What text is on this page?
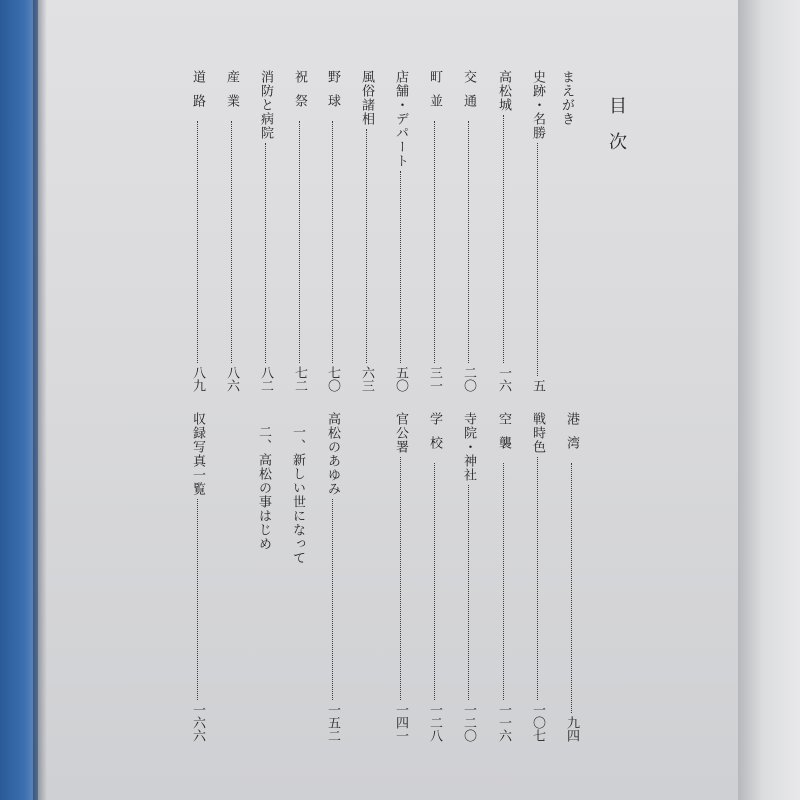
目次
まえがき
史跡・名勝
五
高松城
一六
交通
二〇
町並
三一
店舗・デパート
五〇
風俗諸相
六三
野球
七〇
祝祭
七二
消防と病院
八二
産業
八六
道路
八九
港湾
九四
戦時色
一〇七
空襲
一一六
寺院・神社
一二〇
学校
一二八
官公署
一四一
高松のあゆみ
一五二
一、新しい世になって
二、高松の事はじめ
収録写真一覧
一六六
